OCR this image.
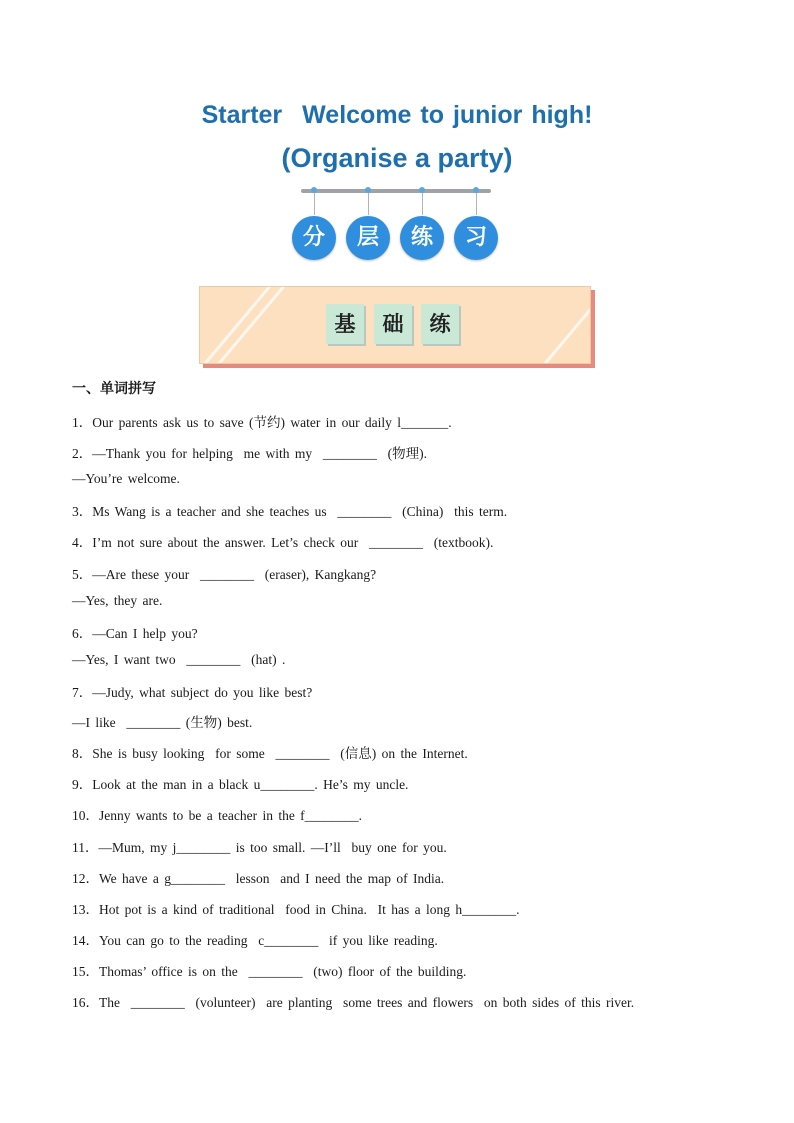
Starter Welcome to junior high!
(Organise a party)
分	层	练	习
基	础	练
一、单词拼写
1．Our parents ask us to save (节约) water in our daily l_______.
2．—Thank you for helping  me with my  ________  (物理).
—You’re welcome.
3．Ms Wang is a teacher and she teaches us  ________  (China)  this term.
4．I’m not sure about the answer. Let’s check our  ________  (textbook).
5．—Are these your  ________  (eraser), Kangkang?
—Yes, they are.
6．—Can I help you?
—Yes, I want two  ________  (hat) .
7．—Judy, what subject do you like best?
—I like  ________ (生物) best.
8．She is busy looking  for some  ________  (信息) on the Internet.
9．Look at the man in a black u________. He’s my uncle.
10．Jenny wants to be a teacher in the f________.
11．—Mum, my j________ is too small. —I’ll  buy one for you.
12．We have a g________  lesson  and I need the map of India.
13．Hot pot is a kind of traditional  food in China.  It has a long h________.
14．You can go to the reading  c________  if you like reading.
15．Thomas’ office is on the  ________  (two) floor of the building.
16．The  ________  (volunteer)  are planting  some trees and flowers  on both sides of this river.
